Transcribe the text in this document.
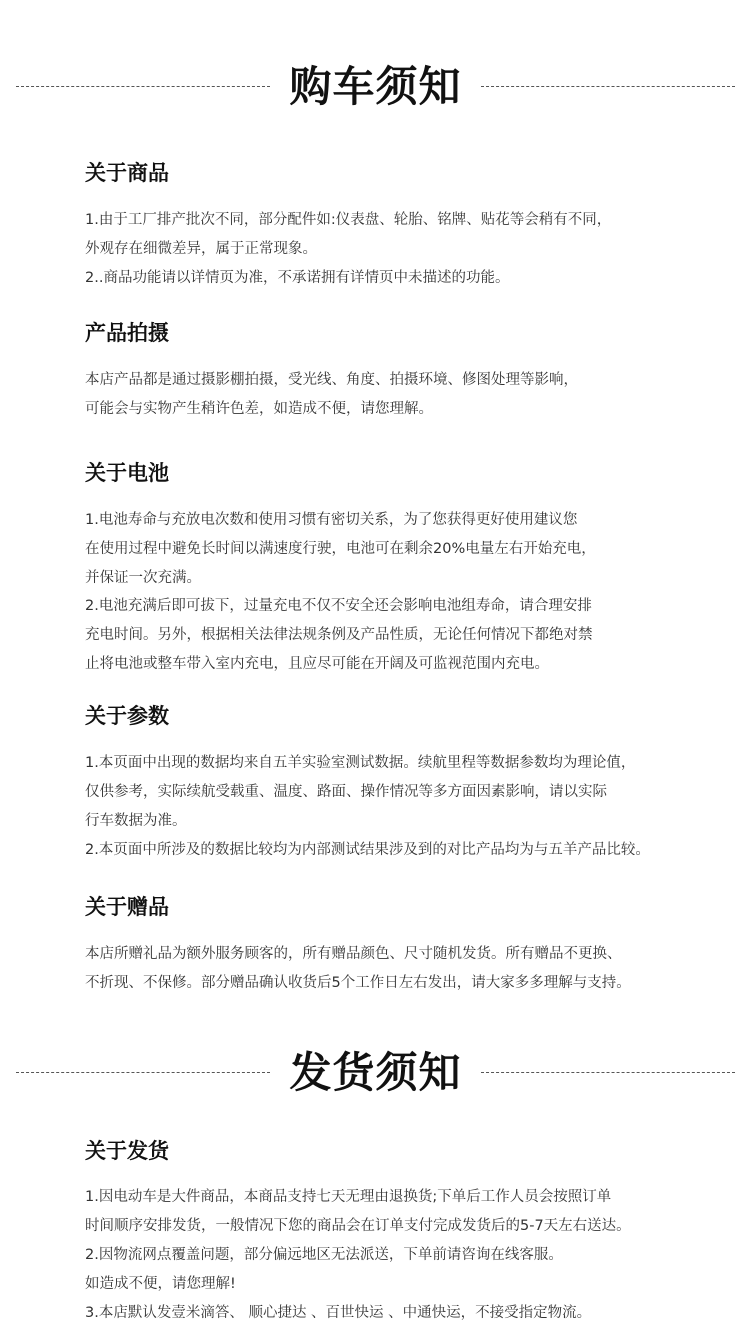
购车须知
关于商品
1.由于工厂排产批次不同，部分配件如:仪表盘、轮胎、铭牌、贴花等会稍有不同，
外观存在细微差异，属于正常现象。
2..商品功能请以详情页为准，不承诺拥有详情页中未描述的功能。
产品拍摄
本店产品都是通过摄影棚拍摄，受光线、角度、拍摄环境、修图处理等影响，
可能会与实物产生稍许色差，如造成不便，请您理解。
关于电池
1.电池寿命与充放电次数和使用习惯有密切关系，为了您获得更好使用建议您
在使用过程中避免长时间以满速度行驶，电池可在剩余20%电量左右开始充电，
并保证一次充满。
2.电池充满后即可拔下，过量充电不仅不安全还会影响电池组寿命，请合理安排
充电时间。另外，根据相关法律法规条例及产品性质，无论任何情况下都绝对禁
止将电池或整车带入室内充电，且应尽可能在开阔及可监视范围内充电。
关于参数
1.本页面中出现的数据均来自五羊实验室测试数据。续航里程等数据参数均为理论值，
仅供参考，实际续航受载重、温度、路面、操作情况等多方面因素影响，请以实际
行车数据为准。
2.本页面中所涉及的数据比较均为内部测试结果涉及到的对比产品均为与五羊产品比较。
关于赠品
本店所赠礼品为额外服务顾客的，所有赠品颜色、尺寸随机发货。所有赠品不更换、
不折现、不保修。部分赠品确认收货后5个工作日左右发出，请大家多多理解与支持。
发货须知
关于发货
1.因电动车是大件商品，本商品支持七天无理由退换货;下单后工作人员会按照订单
时间顺序安排发货，一般情况下您的商品会在订单支付完成发货后的5-7天左右送达。
2.因物流网点覆盖问题，部分偏远地区无法派送，下单前请咨询在线客服。
如造成不便，请您理解!
3.本店默认发壹米滴答、 顺心捷达 、百世快运 、中通快运，不接受指定物流。
